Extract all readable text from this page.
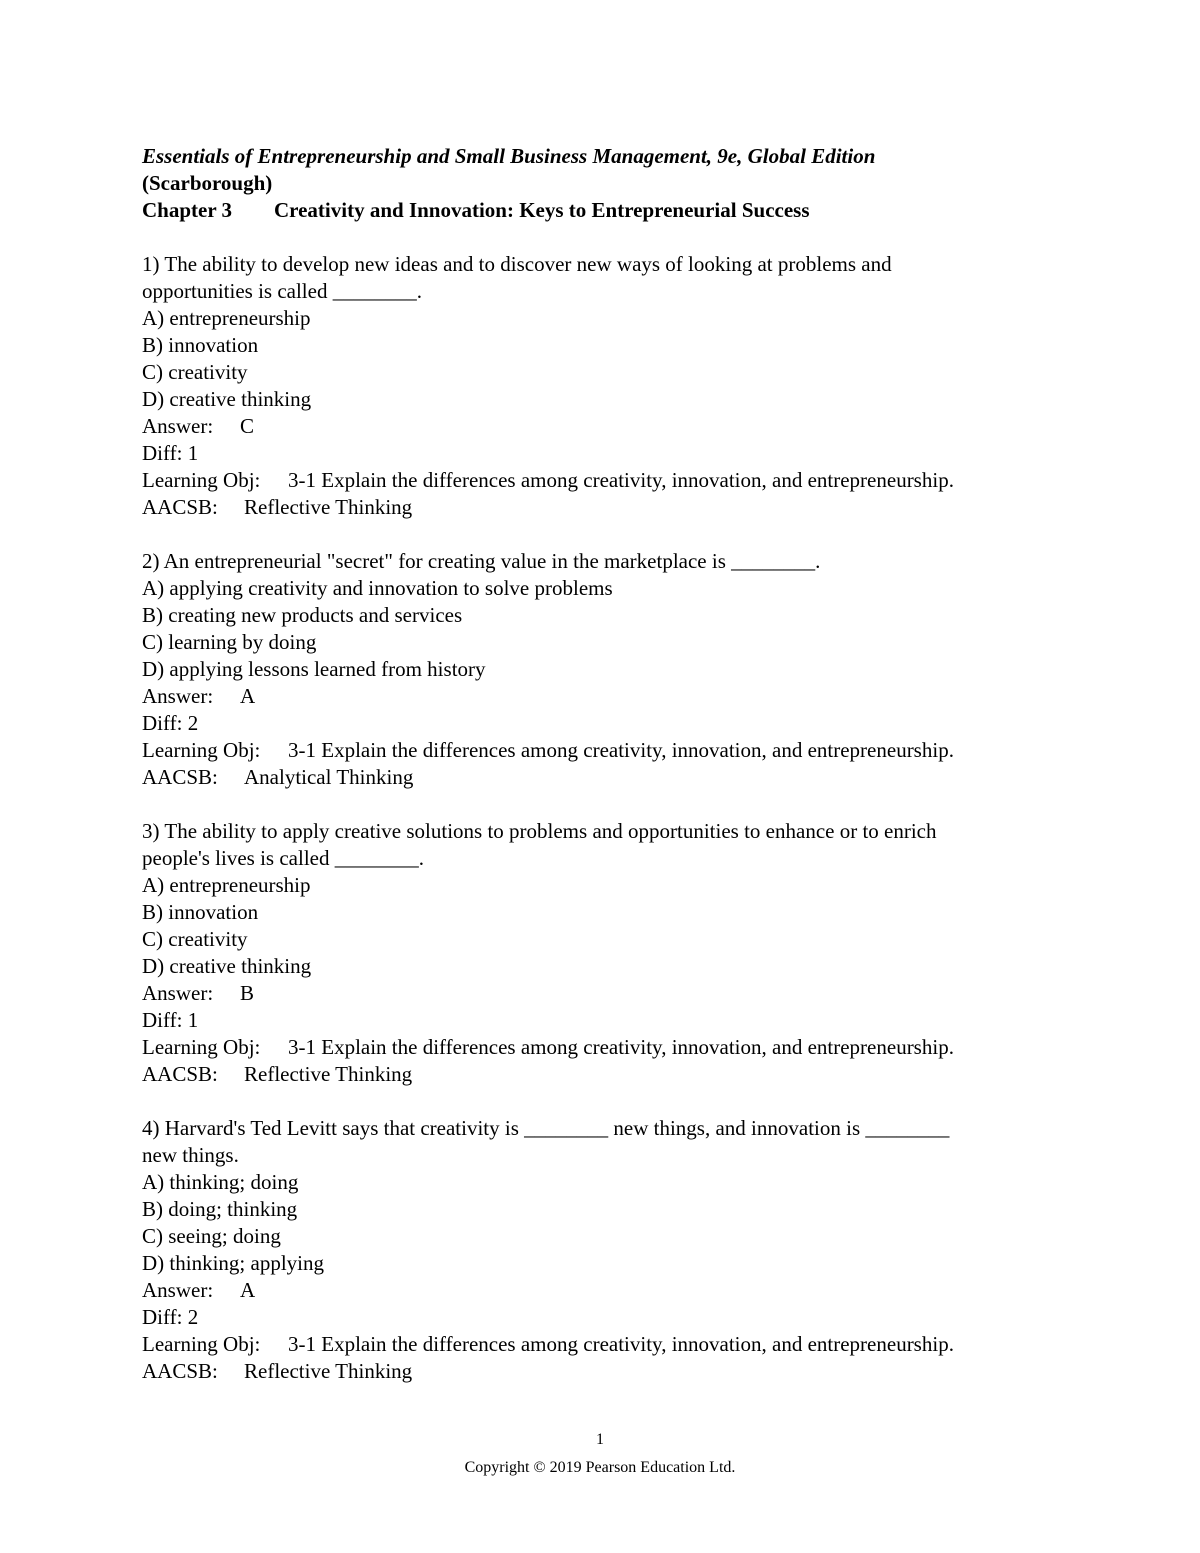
Essentials of Entrepreneurship and Small Business Management, 9e, Global Edition
(Scarborough)
Chapter 3 Creativity and Innovation: Keys to Entrepreneurial Success
1) The ability to develop new ideas and to discover new ways of looking at problems and
opportunities is called ________.
A) entrepreneurship
B) innovation
C) creativity
D) creative thinking
Answer: C
Diff: 1
Learning Obj: 3-1 Explain the differences among creativity, innovation, and entrepreneurship.
AACSB: Reflective Thinking
2) An entrepreneurial "secret" for creating value in the marketplace is ________.
A) applying creativity and innovation to solve problems
B) creating new products and services
C) learning by doing
D) applying lessons learned from history
Answer: A
Diff: 2
Learning Obj: 3-1 Explain the differences among creativity, innovation, and entrepreneurship.
AACSB: Analytical Thinking
3) The ability to apply creative solutions to problems and opportunities to enhance or to enrich
people's lives is called ________.
A) entrepreneurship
B) innovation
C) creativity
D) creative thinking
Answer: B
Diff: 1
Learning Obj: 3-1 Explain the differences among creativity, innovation, and entrepreneurship.
AACSB: Reflective Thinking
4) Harvard's Ted Levitt says that creativity is ________ new things, and innovation is ________
new things.
A) thinking; doing
B) doing; thinking
C) seeing; doing
D) thinking; applying
Answer: A
Diff: 2
Learning Obj: 3-1 Explain the differences among creativity, innovation, and entrepreneurship.
AACSB: Reflective Thinking
1
Copyright © 2019 Pearson Education Ltd.
